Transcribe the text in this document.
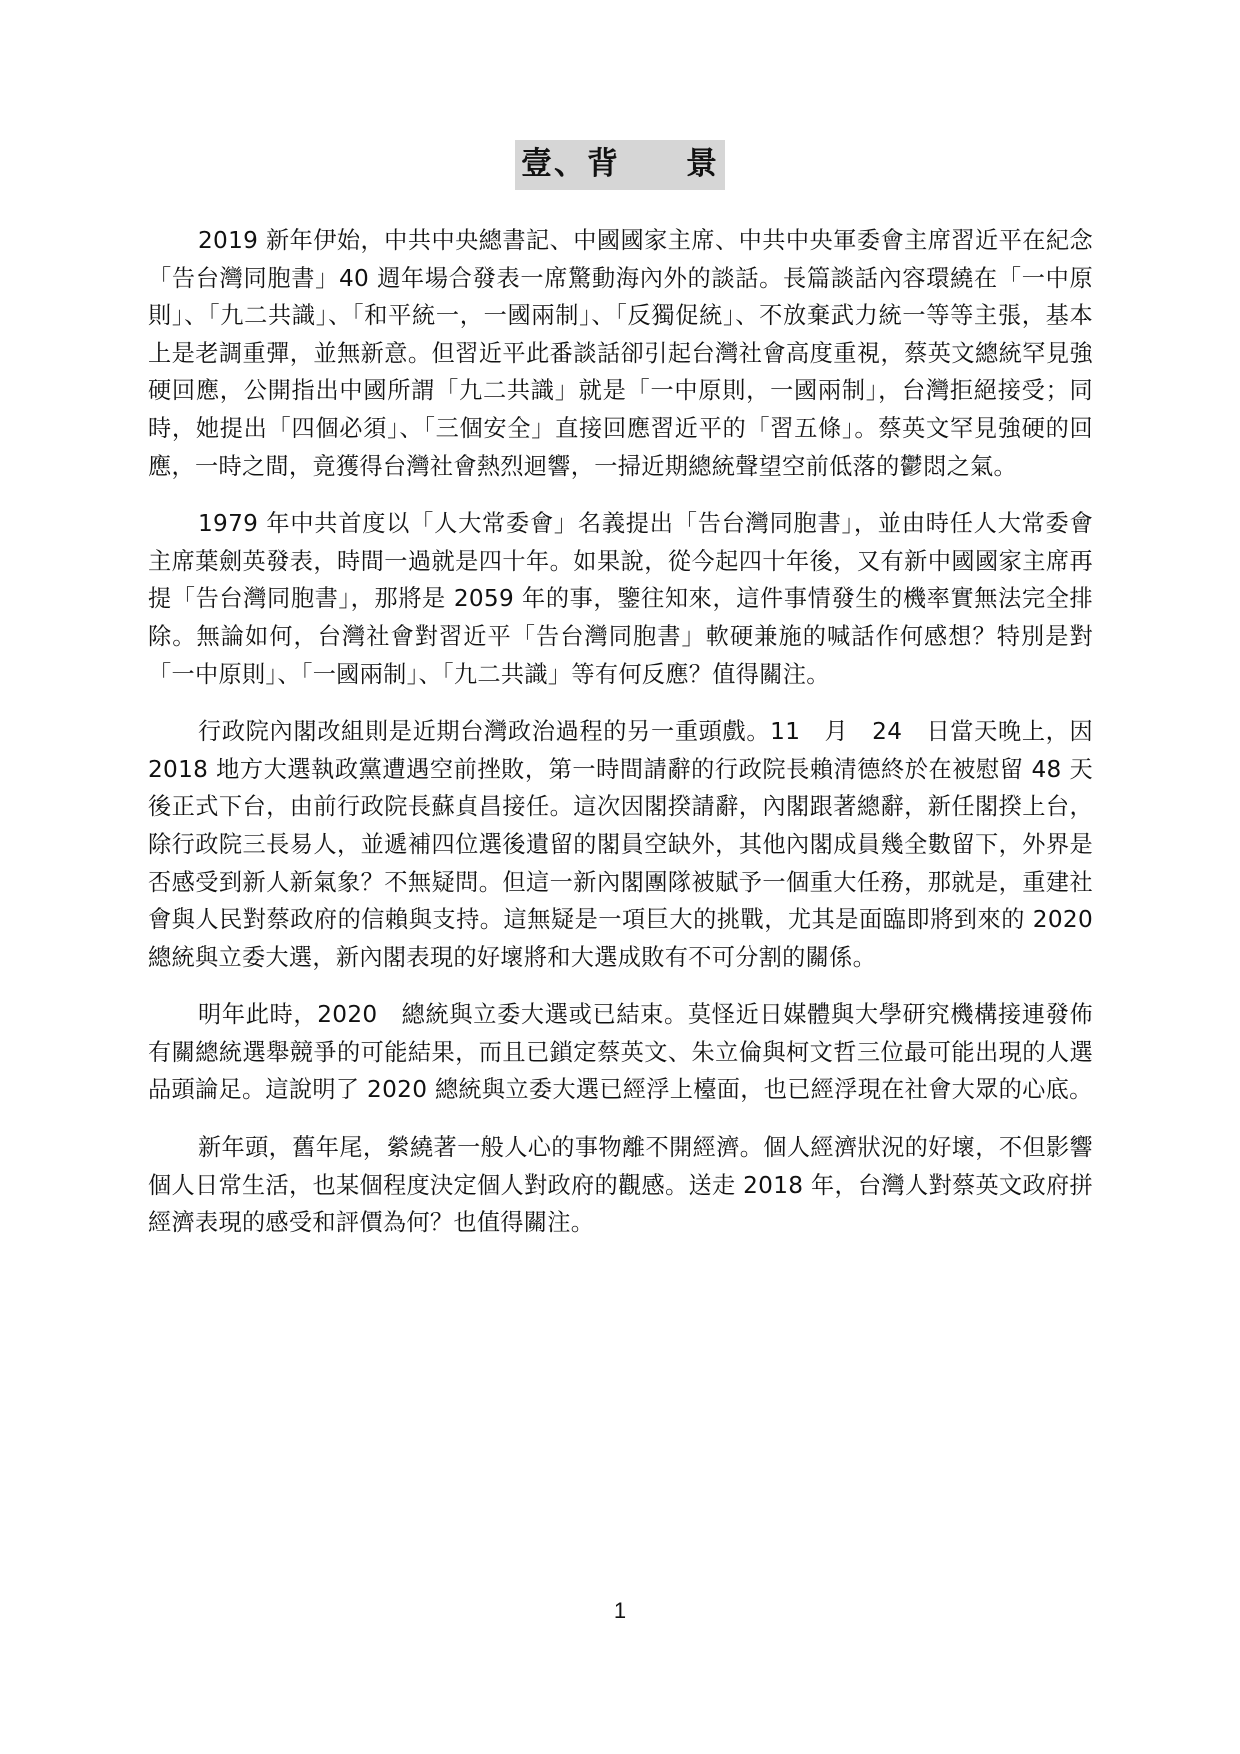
壹、背　　景

2019 新年伊始，中共中央總書記、中國國家主席、中共中央軍委會主席習近平在紀念「告台灣同胞書」40 週年場合發表一席驚動海內外的談話。長篇談話內容環繞在「一中原則」、「九二共識」、「和平統一，一國兩制」、「反獨促統」、不放棄武力統一等等主張，基本上是老調重彈，並無新意。但習近平此番談話卻引起台灣社會高度重視，蔡英文總統罕見強硬回應，公開指出中國所謂「九二共識」就是「一中原則，一國兩制」，台灣拒絕接受；同時，她提出「四個必須」、「三個安全」直接回應習近平的「習五條」。蔡英文罕見強硬的回應，一時之間，竟獲得台灣社會熱烈迴響，一掃近期總統聲望空前低落的鬱悶之氣。

1979 年中共首度以「人大常委會」名義提出「告台灣同胞書」，並由時任人大常委會主席葉劍英發表，時間一過就是四十年。如果說，從今起四十年後，又有新中國國家主席再提「告台灣同胞書」，那將是 2059 年的事，鑒往知來，這件事情發生的機率實無法完全排除。無論如何，台灣社會對習近平「告台灣同胞書」軟硬兼施的喊話作何感想？特別是對「一中原則」、「一國兩制」、「九二共識」等有何反應？值得關注。

行政院內閣改組則是近期台灣政治過程的另一重頭戲。11　月　24　日當天晚上，因 2018 地方大選執政黨遭遇空前挫敗，第一時間請辭的行政院長賴清德終於在被慰留 48 天後正式下台，由前行政院長蘇貞昌接任。這次因閣揆請辭，內閣跟著總辭，新任閣揆上台，除行政院三長易人，並遞補四位選後遺留的閣員空缺外，其他內閣成員幾全數留下，外界是否感受到新人新氣象？不無疑問。但這一新內閣團隊被賦予一個重大任務，那就是，重建社會與人民對蔡政府的信賴與支持。這無疑是一項巨大的挑戰，尤其是面臨即將到來的 2020 總統與立委大選，新內閣表現的好壞將和大選成敗有不可分割的關係。

明年此時，2020　總統與立委大選或已結束。莫怪近日媒體與大學研究機構接連發佈有關總統選舉競爭的可能結果，而且已鎖定蔡英文、朱立倫與柯文哲三位最可能出現的人選品頭論足。這說明了 2020 總統與立委大選已經浮上檯面，也已經浮現在社會大眾的心底。

新年頭，舊年尾，縈繞著一般人心的事物離不開經濟。個人經濟狀況的好壞，不但影響個人日常生活，也某個程度決定個人對政府的觀感。送走 2018 年，台灣人對蔡英文政府拼經濟表現的感受和評價為何？也值得關注。

1
